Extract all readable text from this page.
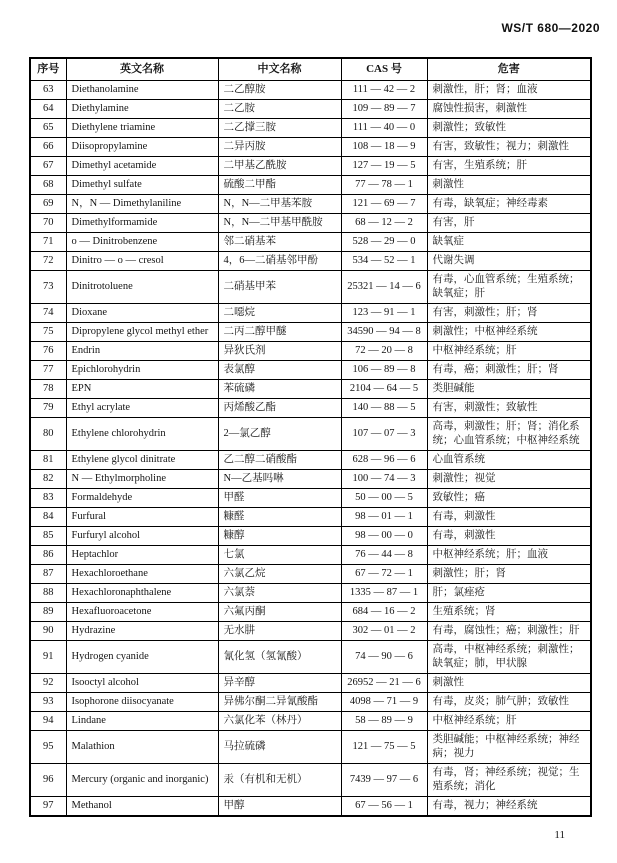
WS/T 680—2020
序号	英文名称	中文名称	CAS 号	危害
63	Diethanolamine	二乙醇胺	111 — 42 — 2	刺激性，肝；肾；血液
64	Diethylamine	二乙胺	109 — 89 — 7	腐蚀性损害，刺激性
65	Diethylene triamine	二乙撑三胺	111 — 40 — 0	刺激性；致敏性
66	Diisopropylamine	二异丙胺	108 — 18 — 9	有害，致敏性；视力；刺激性
67	Dimethyl acetamide	二甲基乙酰胺	127 — 19 — 5	有害，生殖系统；肝
68	Dimethyl sulfate	硫酸二甲酯	77 — 78 — 1	刺激性
69	N，N — Dimethylaniline	N，N—二甲基苯胺	121 — 69 — 7	有毒，缺氧症；神经毒素
70	Dimethylformamide	N，N—二甲基甲酰胺	68 — 12 — 2	有害，肝
71	o — Dinitrobenzene	邻二硝基苯	528 — 29 — 0	缺氧症
72	Dinitro — o — cresol	4，6—二硝基邻甲酚	534 — 52 — 1	代谢失调
73	Dinitrotoluene	二硝基甲苯	25321 — 14 — 6	有毒，心血管系统；生殖系统；缺氧症；肝
74	Dioxane	二噁烷	123 — 91 — 1	有害，刺激性；肝；肾
75	Dipropylene glycol methyl ether	二丙二醇甲醚	34590 — 94 — 8	刺激性；中枢神经系统
76	Endrin	异狄氏剂	72 — 20 — 8	中枢神经系统；肝
77	Epichlorohydrin	表氯醇	106 — 89 — 8	有毒，癌；刺激性；肝；肾
78	EPN	苯硫磷	2104 — 64 — 5	类胆碱能
79	Ethyl acrylate	丙烯酸乙酯	140 — 88 — 5	有害，刺激性；致敏性
80	Ethylene chlorohydrin	2—氯乙醇	107 — 07 — 3	高毒，刺激性；肝；肾；消化系统；心血管系统；中枢神经系统
81	Ethylene glycol dinitrate	乙二醇二硝酸酯	628 — 96 — 6	心血管系统
82	N — Ethylmorpholine	N—乙基吗啉	100 — 74 — 3	刺激性；视觉
83	Formaldehyde	甲醛	50 — 00 — 5	致敏性；癌
84	Furfural	糠醛	98 — 01 — 1	有毒，刺激性
85	Furfuryl alcohol	糠醇	98 — 00 — 0	有毒，刺激性
86	Heptachlor	七氯	76 — 44 — 8	中枢神经系统；肝；血液
87	Hexachloroethane	六氯乙烷	67 — 72 — 1	刺激性；肝；肾
88	Hexachloronaphthalene	六氯萘	1335 — 87 — 1	肝；氯痤疮
89	Hexafluoroacetone	六氟丙酮	684 — 16 — 2	生殖系统；肾
90	Hydrazine	无水肼	302 — 01 — 2	有毒，腐蚀性；癌；刺激性；肝
91	Hydrogen cyanide	氰化氢（氢氰酸）	74 — 90 — 6	高毒，中枢神经系统；刺激性；缺氧症；肺，甲状腺
92	Isooctyl alcohol	异辛醇	26952 — 21 — 6	刺激性
93	Isophorone diisocyanate	异佛尔酮二异氰酸酯	4098 — 71 — 9	有毒，皮炎；肺气肿；致敏性
94	Lindane	六氯化苯（林丹）	58 — 89 — 9	中枢神经系统；肝
95	Malathion	马拉硫磷	121 — 75 — 5	类胆碱能；中枢神经系统；神经病；视力
96	Mercury (organic and inorganic)	汞（有机和无机）	7439 — 97 — 6	有毒，肾；神经系统；视觉；生殖系统；消化
97	Methanol	甲醇	67 — 56 — 1	有毒，视力；神经系统
11
